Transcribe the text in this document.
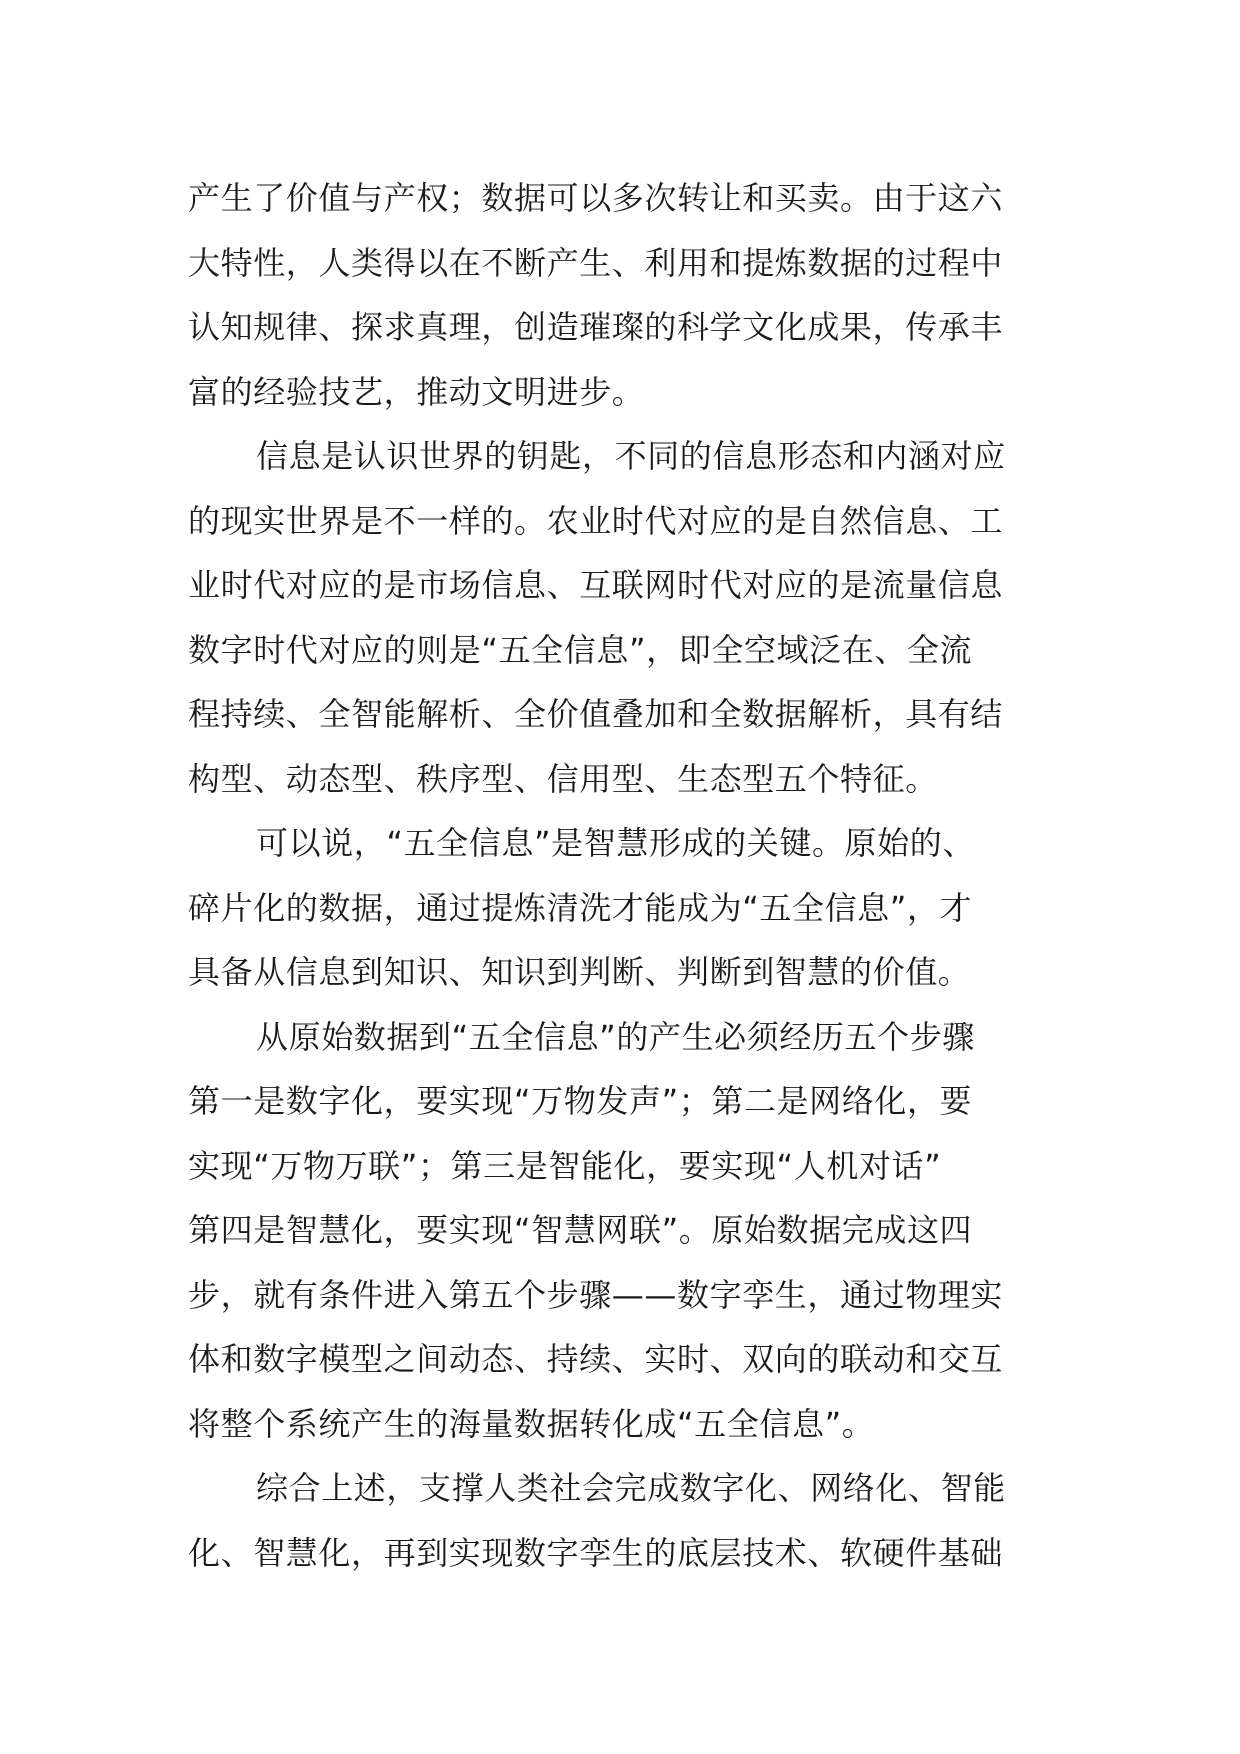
产生了价值与产权；数据可以多次转让和买卖。由于这六

大特性，人类得以在不断产生、利用和提炼数据的过程中

认知规律、探求真理，创造璀璨的科学文化成果，传承丰

富的经验技艺，推动文明进步。

信息是认识世界的钥匙，不同的信息形态和内涵对应

的现实世界是不一样的。农业时代对应的是自然信息、工

业时代对应的是市场信息、互联网时代对应的是流量信息

数字时代对应的则是“五全信息”，即全空域泛在、全流

程持续、全智能解析、全价值叠加和全数据解析，具有结

构型、动态型、秩序型、信用型、生态型五个特征。

可以说，“五全信息”是智慧形成的关键。原始的、

碎片化的数据，通过提炼清洗才能成为“五全信息”，才

具备从信息到知识、知识到判断、判断到智慧的价值。

从原始数据到“五全信息”的产生必须经历五个步骤

第一是数字化，要实现“万物发声”；第二是网络化，要

实现“万物万联”；第三是智能化，要实现“人机对话”

第四是智慧化，要实现“智慧网联”。原始数据完成这四

步，就有条件进入第五个步骤——数字孪生，通过物理实

体和数字模型之间动态、持续、实时、双向的联动和交互

将整个系统产生的海量数据转化成“五全信息”。

综合上述，支撑人类社会完成数字化、网络化、智能

化、智慧化，再到实现数字孪生的底层技术、软硬件基础
